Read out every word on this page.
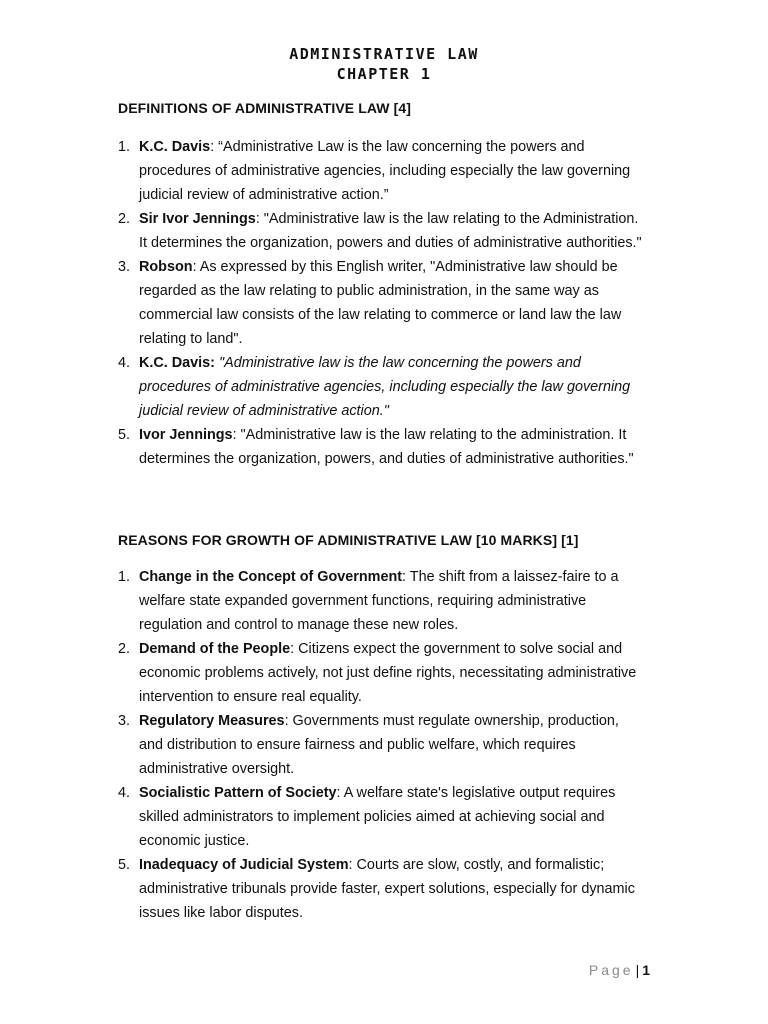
ADMINISTRATIVE LAW
CHAPTER 1
DEFINITIONS OF ADMINISTRATIVE LAW [4]
1. K.C. Davis: “Administrative Law is the law concerning the powers and procedures of administrative agencies, including especially the law governing judicial review of administrative action.”
2. Sir Ivor Jennings: "Administrative law is the law relating to the Administration. It determines the organization, powers and duties of administrative authorities."
3. Robson: As expressed by this English writer, "Administrative law should be regarded as the law relating to public administration, in the same way as commercial law consists of the law relating to commerce or land law the law relating to land".
4. K.C. Davis: "Administrative law is the law concerning the powers and procedures of administrative agencies, including especially the law governing judicial review of administrative action."
5. Ivor Jennings: "Administrative law is the law relating to the administration. It determines the organization, powers, and duties of administrative authorities."
REASONS FOR GROWTH OF ADMINISTRATIVE LAW [10 MARKS] [1]
1. Change in the Concept of Government: The shift from a laissez-faire to a welfare state expanded government functions, requiring administrative regulation and control to manage these new roles.
2. Demand of the People: Citizens expect the government to solve social and economic problems actively, not just define rights, necessitating administrative intervention to ensure real equality.
3. Regulatory Measures: Governments must regulate ownership, production, and distribution to ensure fairness and public welfare, which requires administrative oversight.
4. Socialistic Pattern of Society: A welfare state's legislative output requires skilled administrators to implement policies aimed at achieving social and economic justice.
5. Inadequacy of Judicial System: Courts are slow, costly, and formalistic; administrative tribunals provide faster, expert solutions, especially for dynamic issues like labor disputes.
Page | 1
